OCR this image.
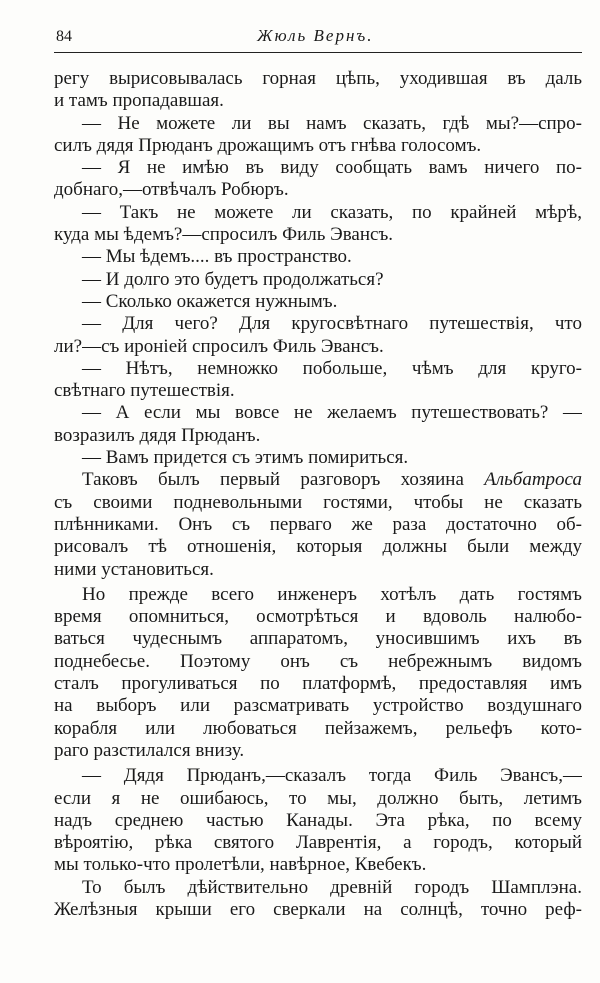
84	Жюль Вернъ.
регу вырисовывалась горная цѣпь, уходившая въ даль
и тамъ пропадавшая.
— Не можете ли вы намъ сказать, гдѣ мы?—спро-
силъ дядя Прюданъ дрожащимъ отъ гнѣва голосомъ.
— Я не имѣю въ виду сообщать вамъ ничего по-
добнаго,—отвѣчалъ Робюръ.
— Такъ не можете ли сказать, по крайней мѣрѣ,
куда мы ѣдемъ?—спросилъ Филь Эвансъ.
— Мы ѣдемъ.... въ пространство.
— И долго это будетъ продолжаться?
— Сколько окажется нужнымъ.
— Для чего? Для кругосвѣтнаго путешествія, что
ли?—съ ироніей спросилъ Филь Эвансъ.
— Нѣтъ, немножко побольше, чѣмъ для круго-
свѣтнаго путешествія.
— А если мы вовсе не желаемъ путешествовать? —
возразилъ дядя Прюданъ.
— Вамъ придется съ этимъ помириться.
Таковъ былъ первый разговоръ хозяина Альбатроса
съ своими подневольными гостями, чтобы не сказать
плѣнниками. Онъ съ перваго же раза достаточно об-
рисовалъ тѣ отношенія, которыя должны были между
ними установиться.
Но прежде всего инженеръ хотѣлъ дать гостямъ
время опомниться, осмотрѣться и вдоволь налюбо-
ваться чудеснымъ аппаратомъ, уносившимъ ихъ въ
поднебесье. Поэтому онъ съ небрежнымъ видомъ
сталъ прогуливаться по платформѣ, предоставляя имъ
на выборъ или разсматривать устройство воздушнаго
корабля или любоваться пейзажемъ, рельефъ кото-
раго разстилался внизу.
— Дядя Прюданъ,—сказалъ тогда Филь Эвансъ,—
если я не ошибаюсь, то мы, должно быть, летимъ
надъ среднею частью Канады. Эта рѣка, по всему
вѣроятію, рѣка святого Лаврентія, а городъ, который
мы только-что пролетѣли, навѣрное, Квебекъ.
То былъ дѣйствительно древній городъ Шамплэна.
Желѣзныя крыши его сверкали на солнцѣ, точно реф-
